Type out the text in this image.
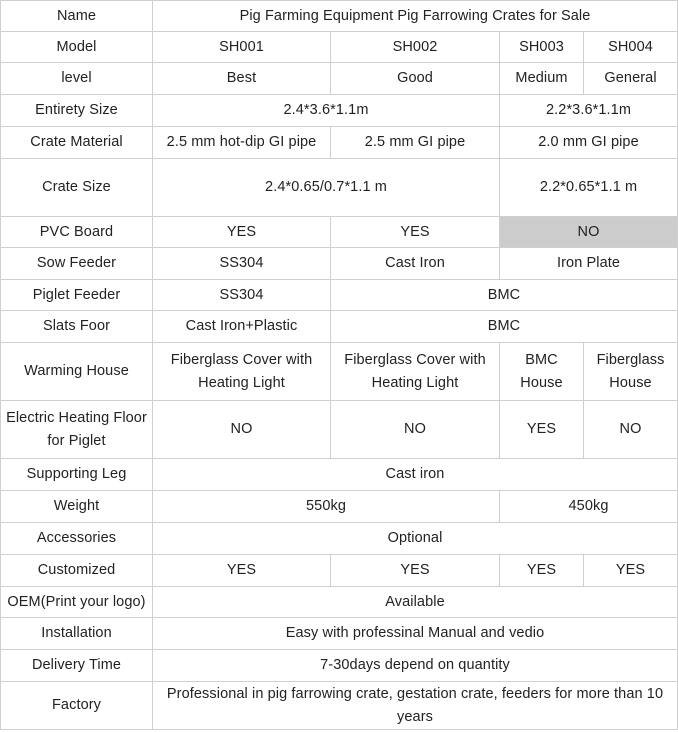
Name	Pig Farming Equipment Pig Farrowing Crates for Sale			
Model	SH001	SH002	SH003	SH004
level	Best	Good	Medium	General
Entirety Size	2.4*3.6*1.1m		2.2*3.6*1.1m	
Crate Material	2.5 mm hot-dip GI pipe	2.5 mm GI pipe	2.0 mm GI pipe	
Crate Size	2.4*0.65/0.7*1.1 m		2.2*0.65*1.1 m	
PVC Board	YES	YES	NO	
Sow Feeder	SS304	Cast Iron	Iron Plate	
Piglet Feeder	SS304	BMC		
Slats Foor	Cast Iron+Plastic	BMC		
Warming House	Fiberglass Cover with Heating Light	Fiberglass Cover with Heating Light	BMC House	Fiberglass House
Electric Heating Floor for Piglet	NO	NO	YES	NO
Supporting Leg	Cast iron			
Weight	550kg		450kg	
Accessories	Optional			
Customized	YES	YES	YES	YES
OEM(Print your logo)	Available			
Installation	Easy with professinal Manual and vedio			
Delivery Time	7-30days depend on quantity			
Factory	Professional in pig farrowing crate, gestation crate, feeders for more than 10 years			
